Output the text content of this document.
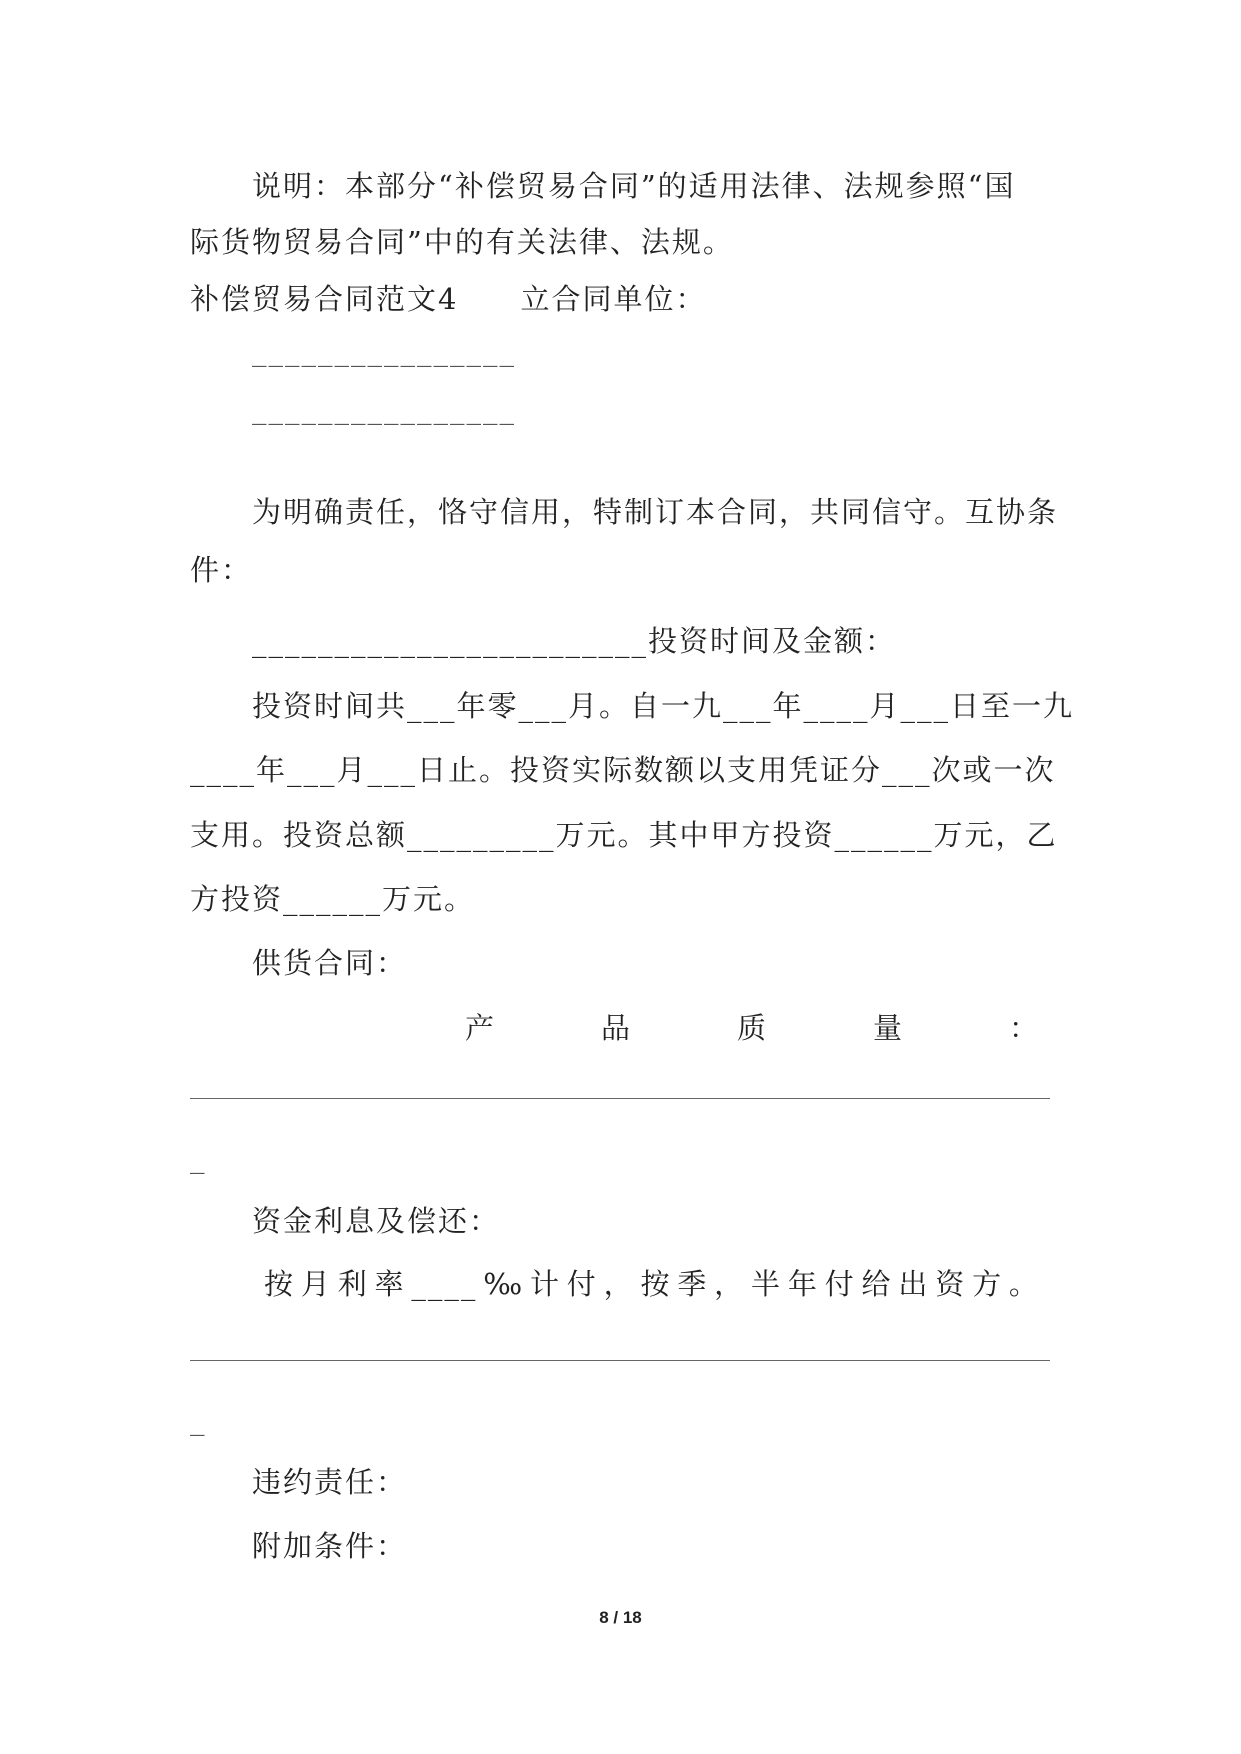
说明：本部分“补偿贸易合同”的适用法律、法规参照“国
际货物贸易合同”中的有关法律、法规。
补偿贸易合同范文4　　立合同单位：
________________
________________
为明确责任，恪守信用，特制订本合同，共同信守。互协条
件：
________________________投资时间及金额：
投资时间共___年零___月。自一九___年____月___日至一九
____年___月___日止。投资实际数额以支用凭证分___次或一次
支用。投资总额_________万元。其中甲方投资______万元，乙
方投资______万元。
供货合同：
产	品	质	量	：
_
资金利息及偿还：
按 月 利 率 ____ ‰ 计 付 ， 按 季 ， 半 年 付 给 出 资 方 。
_
违约责任：
附加条件：
8 / 18
